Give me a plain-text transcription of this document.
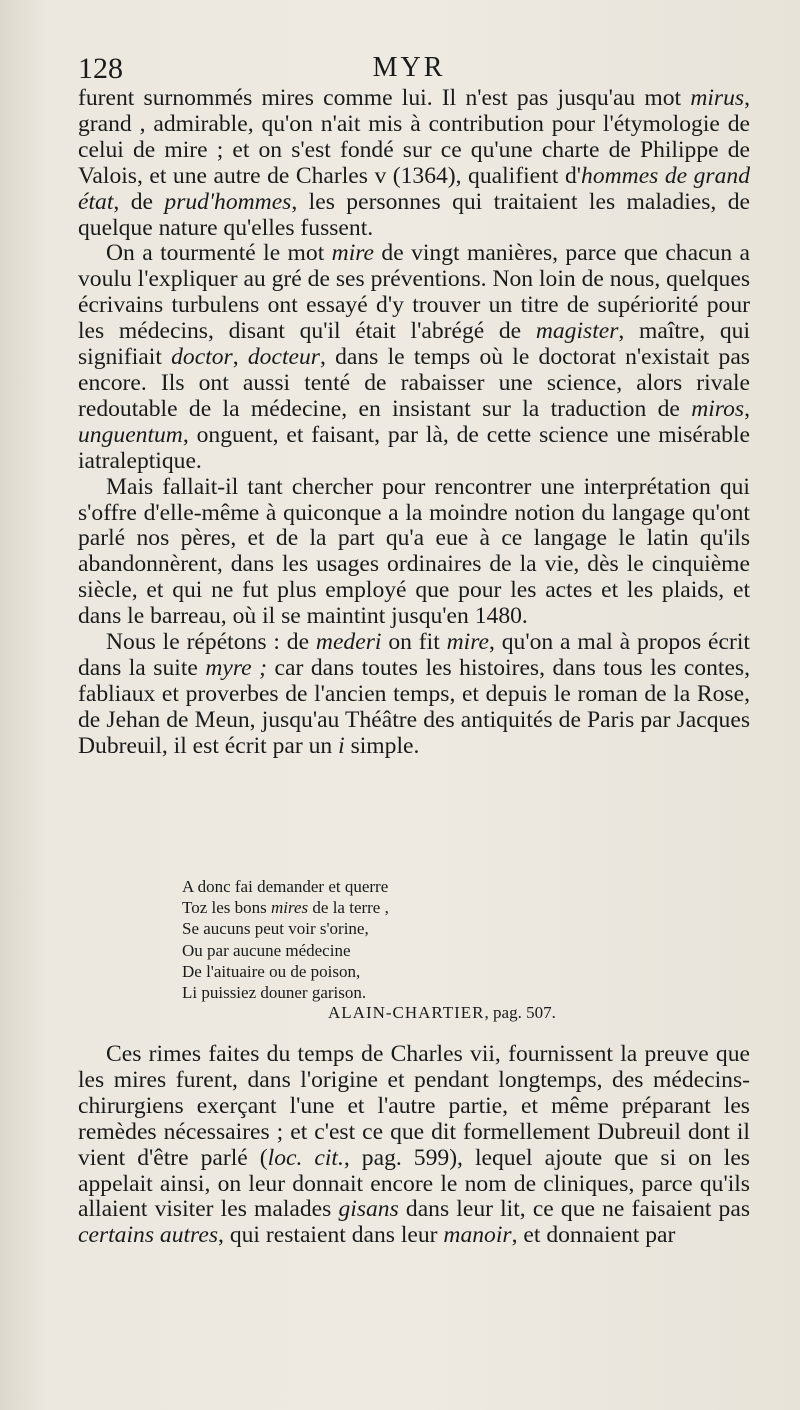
128	MYR

furent surnommés mires comme lui. Il n'est pas jusqu'au mot mirus, grand , admirable, qu'on n'ait mis à contribution pour l'étymologie de celui de mire ; et on s'est fondé sur ce qu'une charte de Philippe de Valois, et une autre de Charles v (1364), qualifient d'hommes de grand état, de prud'hommes, les personnes qui traitaient les maladies, de quelque nature qu'elles fussent.

On a tourmenté le mot mire de vingt manières, parce que chacun a voulu l'expliquer au gré de ses préventions. Non loin de nous, quelques écrivains turbulens ont essayé d'y trouver un titre de supériorité pour les médecins, disant qu'il était l'abrégé de magister, maître, qui signifiait doctor, docteur, dans le temps où le doctorat n'existait pas encore. Ils ont aussi tenté de rabaisser une science, alors rivale redoutable de la médecine, en insistant sur la traduction de miros, unguentum, onguent, et faisant, par là, de cette science une misérable iatraleptique.

Mais fallait-il tant chercher pour rencontrer une interprétation qui s'offre d'elle-même à quiconque a la moindre notion du langage qu'ont parlé nos pères, et de la part qu'a eue à ce langage le latin qu'ils abandonnèrent, dans les usages ordinaires de la vie, dès le cinquième siècle, et qui ne fut plus employé que pour les actes et les plaids, et dans le barreau, où il se maintint jusqu'en 1480.

Nous le répétons : de mederi on fit mire, qu'on a mal à propos écrit dans la suite myre ; car dans toutes les histoires, dans tous les contes, fabliaux et proverbes de l'ancien temps, et depuis le roman de la Rose, de Jehan de Meun, jusqu'au Théâtre des antiquités de Paris par Jacques Dubreuil, il est écrit par un i simple.

A donc fai demander et querre
Toz les bons mires de la terre ,
Se aucuns peut voir s'orine,
Ou par aucune médecine
De l'aituaire ou de poison,
Li puissiez douner garison.
ALAIN-CHARTIER, pag. 507.

Ces rimes faites du temps de Charles vii, fournissent la preuve que les mires furent, dans l'origine et pendant longtemps, des médecins-chirurgiens exerçant l'une et l'autre partie, et même préparant les remèdes nécessaires ; et c'est ce que dit formellement Dubreuil dont il vient d'être parlé (loc. cit., pag. 599), lequel ajoute que si on les appelait ainsi, on leur donnait encore le nom de cliniques, parce qu'ils allaient visiter les malades gisans dans leur lit, ce que ne faisaient pas certains autres, qui restaient dans leur manoir, et donnaient par
